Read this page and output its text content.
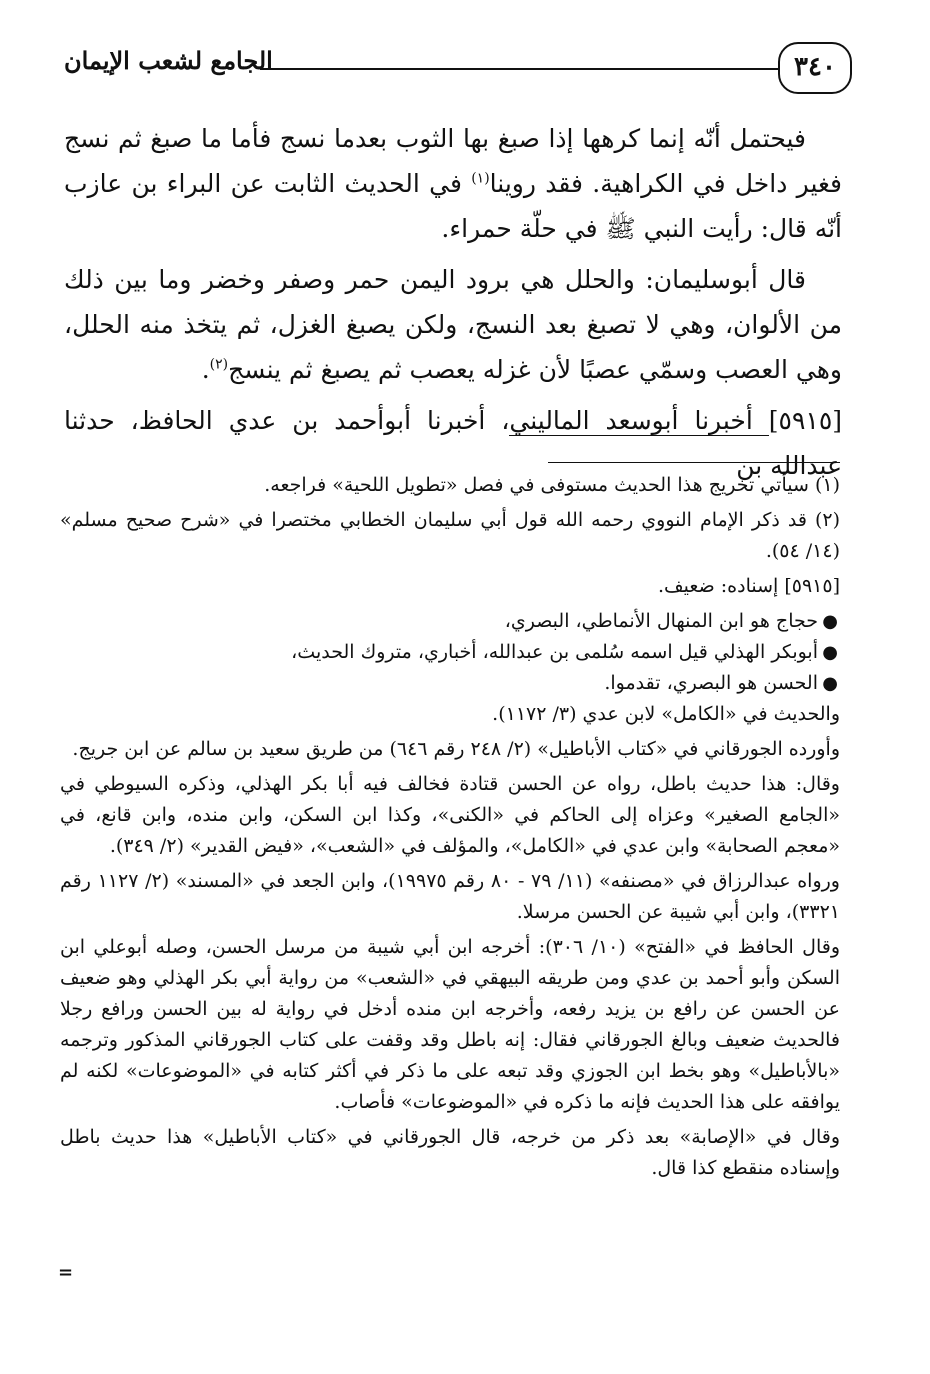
الجامع لشعب الإيمان	٣٤٠

فيحتمل أنّه إنما كرهها إذا صبغ بها الثوب بعدما نسج فأما ما صبغ ثم نسج فغير داخل في الكراهية. فقد روينا$^{(١)}$ في الحديث الثابت عن البراء بن عازب أنّه قال: رأيت النبي ﷺ في حلّة حمراء.

قال أبوسليمان: والحلل هي برود اليمن حمر وصفر وخضر وما بين ذلك من الألوان، وهي لا تصبغ بعد النسج، ولكن يصبغ الغزل، ثم يتخذ منه الحلل، وهي العصب وسمّي عصبًا لأن غزله يعصب ثم يصبغ ثم ينسج$^{(٢)}$.

[٥٩١٥] أخبرنا أبوسعد الماليني، أخبرنا أبوأحمد بن عدي الحافظ، حدثنا عبدالله بن

(١) سيأتي تخريج هذا الحديث مستوفى في فصل «تطويل اللحية» فراجعه.

(٢) قد ذكر الإمام النووي رحمه الله قول أبي سليمان الخطابي مختصرا في «شرح صحيح مسلم» (١٤/ ٥٤).

[٥٩١٥] إسناده: ضعيف.

●
حجاج هو ابن المنهال الأنماطي، البصري،
●
أبوبكر الهذلي قيل اسمه سُلمى بن عبدالله، أخباري، متروك الحديث،
●
الحسن هو البصري، تقدموا.

والحديث في «الكامل» لابن عدي (٣/ ١١٧٢).

وأورده الجورقاني في «كتاب الأباطيل» (٢/ ٢٤٨ رقم ٦٤٦) من طريق سعيد بن سالم عن ابن جريج.

وقال: هذا حديث باطل، رواه عن الحسن قتادة فخالف فيه أبا بكر الهذلي، وذكره السيوطي في «الجامع الصغير» وعزاه إلى الحاكم في «الكنى»، وكذا ابن السكن، وابن منده، وابن قانع، في «معجم الصحابة» وابن عدي في «الكامل»، والمؤلف في «الشعب»، «فيض القدير» (٢/ ٣٤٩).

ورواه عبدالرزاق في «مصنفه» (١١/ ٧٩ - ٨٠ رقم ١٩٩٧٥)، وابن الجعد في «المسند» (٢/ ١١٢٧ رقم ٣٣٢١)، وابن أبي شيبة عن الحسن مرسلا.

وقال الحافظ في «الفتح» (١٠/ ٣٠٦): أخرجه ابن أبي شيبة من مرسل الحسن، وصله أبوعلي ابن السكن وأبو أحمد بن عدي ومن طريقه البيهقي في «الشعب» من رواية أبي بكر الهذلي وهو ضعيف عن الحسن عن رافع بن يزيد رفعه، وأخرجه ابن منده أدخل في رواية له بين الحسن ورافع رجلا فالحديث ضعيف وبالغ الجورقاني فقال: إنه باطل وقد وقفت على كتاب الجورقاني المذكور وترجمه «بالأباطيل» وهو بخط ابن الجوزي وقد تبعه على ما ذكر في أكثر كتابه في «الموضوعات» لكنه لم يوافقه على هذا الحديث فإنه ما ذكره في «الموضوعات» فأصاب.

وقال في «الإصابة» بعد ذكر من خرجه، قال الجورقاني في «كتاب الأباطيل» هذا حديث باطل وإسناده منقطع كذا قال.

=
